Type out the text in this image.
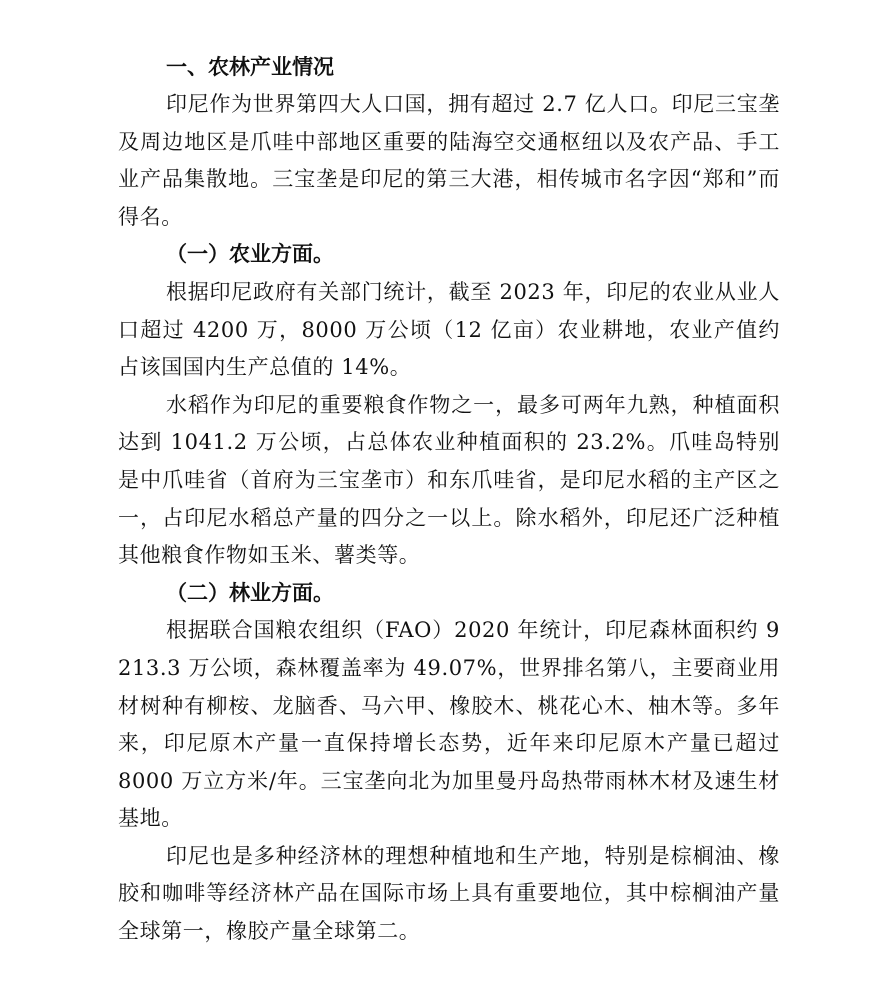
一、农林产业情况

印尼作为世界第四大人口国，拥有超过 2.7 亿人口。印尼三宝垄及周边地区是爪哇中部地区重要的陆海空交通枢纽以及农产品、手工业产品集散地。三宝垄是印尼的第三大港，相传城市名字因“郑和”而得名。

（一）农业方面。

根据印尼政府有关部门统计，截至 2023 年，印尼的农业从业人口超过 4200 万，8000 万公顷（12 亿亩）农业耕地，农业产值约占该国国内生产总值的 14%。

水稻作为印尼的重要粮食作物之一，最多可两年九熟，种植面积达到 1041.2 万公顷，占总体农业种植面积的 23.2%。爪哇岛特别是中爪哇省（首府为三宝垄市）和东爪哇省，是印尼水稻的主产区之一，占印尼水稻总产量的四分之一以上。除水稻外，印尼还广泛种植其他粮食作物如玉米、薯类等。

（二）林业方面。

根据联合国粮农组织（FAO）2020 年统计，印尼森林面积约 9 213.3 万公顷，森林覆盖率为 49.07%，世界排名第八，主要商业用材树种有柳桉、龙脑香、马六甲、橡胶木、桃花心木、柚木等。多年来，印尼原木产量一直保持增长态势，近年来印尼原木产量已超过 8000 万立方米/年。三宝垄向北为加里曼丹岛热带雨林木材及速生材基地。

印尼也是多种经济林的理想种植地和生产地，特别是棕榈油、橡胶和咖啡等经济林产品在国际市场上具有重要地位，其中棕榈油产量全球第一，橡胶产量全球第二。
